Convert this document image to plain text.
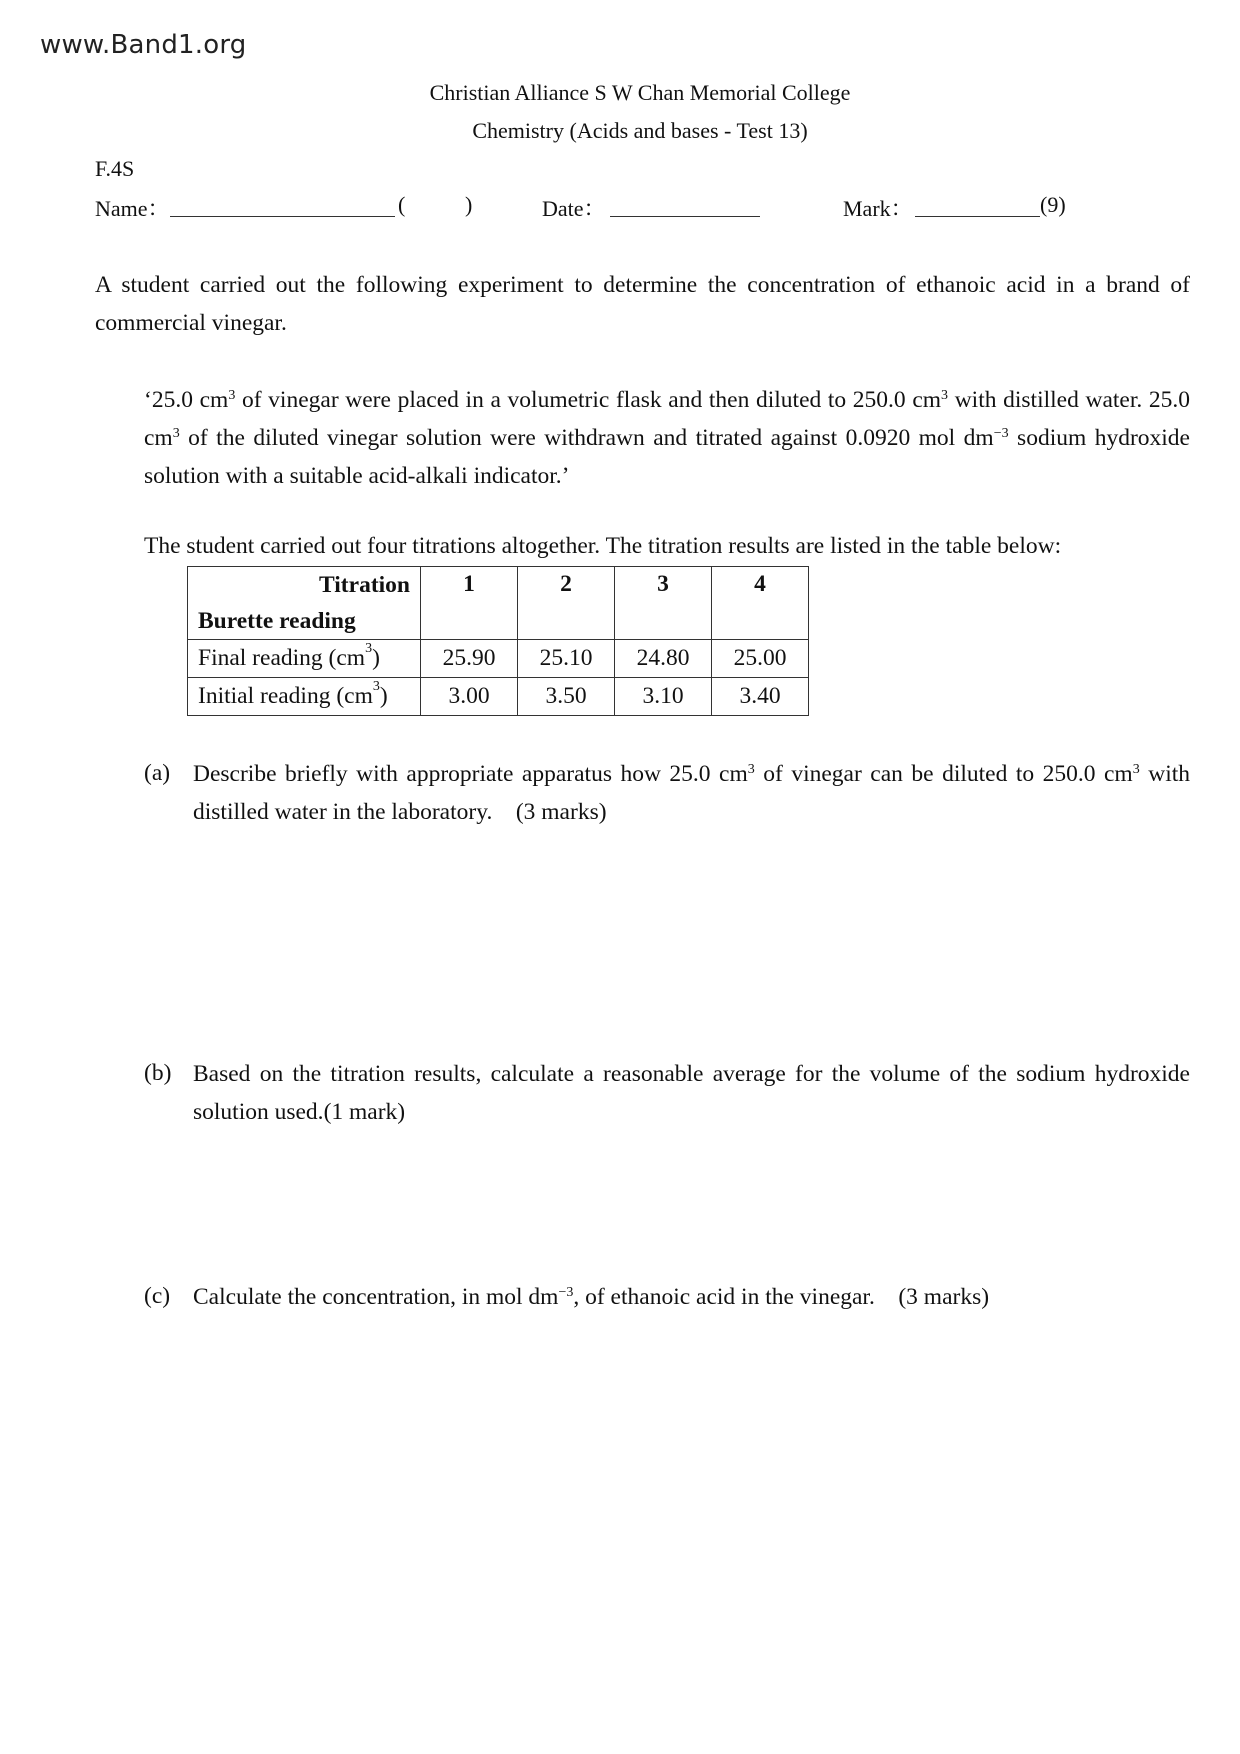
www.Band1.org
Christian Alliance S W Chan Memorial College
Chemistry (Acids and bases - Test 13)
F.4S
Name：	(	)	Date：	Mark：	(9)
A student carried out the following experiment to determine the concentration of ethanoic acid in a brand of commercial vinegar.
‘25.0 $cm^3$ of vinegar were placed in a volumetric flask and then diluted to 250.0 $cm^3$ with distilled water. 25.0 $cm^3$ of the diluted vinegar solution were withdrawn and titrated against 0.0920 mol $dm^{-3}$ sodium hydroxide solution with a suitable acid-alkali indicator.’
The student carried out four titrations altogether. The titration results are listed in the table below:
Titration	1	2	3	4
Burette reading				
Final reading $(cm^3)$	25.90	25.10	24.80	25.00
Initial reading $(cm^3)$	3.00	3.50	3.10	3.40
(a) Describe briefly with appropriate apparatus how 25.0 $cm^3$ of vinegar can be diluted to 250.0 $cm^3$ with distilled water in the laboratory. (3 marks)
(b) Based on the titration results, calculate a reasonable average for the volume of the sodium hydroxide solution used.(1 mark)
(c) Calculate the concentration, in mol $dm^{-3}$, of ethanoic acid in the vinegar. (3 marks)
